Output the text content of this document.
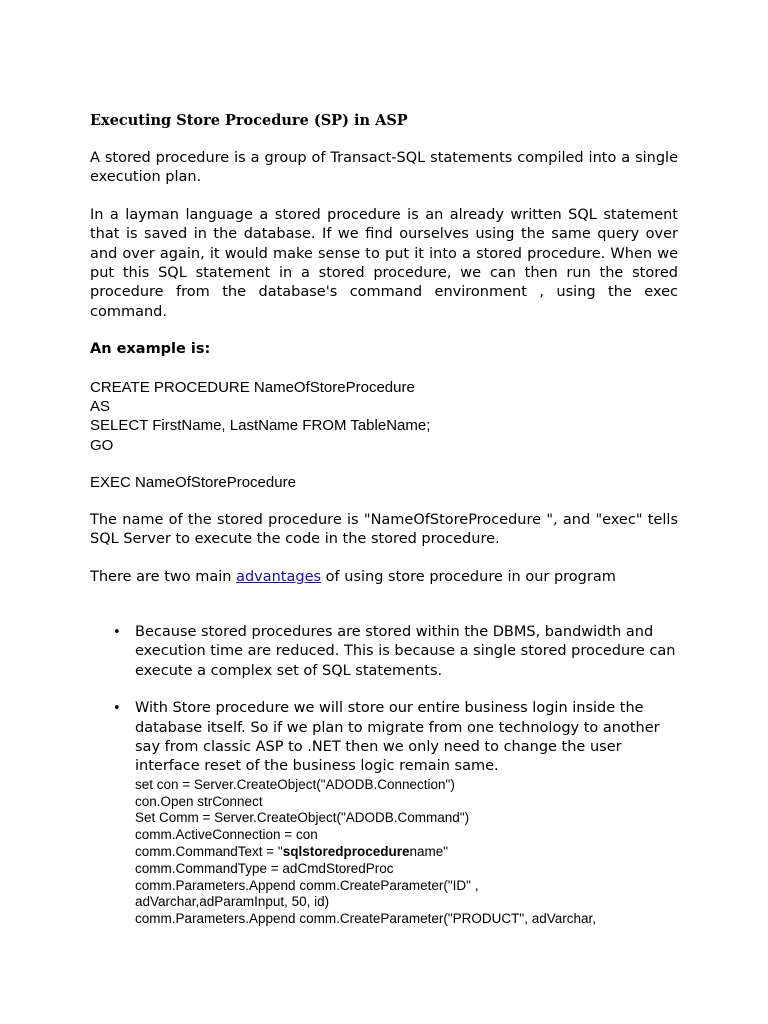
Executing Store Procedure (SP) in ASP
A stored procedure is a group of Transact-SQL statements compiled into a single execution plan.
In a layman language a stored procedure is an already written SQL statement that is saved in the database. If we find ourselves using the same query over and over again, it would make sense to put it into a stored procedure. When we put this SQL statement in a stored procedure, we can then run the stored procedure from the database's command environment , using the exec command.
An example is:
CREATE PROCEDURE NameOfStoreProcedure
AS
SELECT FirstName, LastName FROM TableName;
GO
EXEC NameOfStoreProcedure
The name of the stored procedure is "NameOfStoreProcedure ", and "exec" tells SQL Server to execute the code in the stored procedure.
There are two main advantages of using store procedure in our program
• Because stored procedures are stored within the DBMS, bandwidth and execution time are reduced. This is because a single stored procedure can execute a complex set of SQL statements.
• With Store procedure we will store our entire business login inside the database itself. So if we plan to migrate from one technology to another say from classic ASP to .NET then we only need to change the user interface reset of the business logic remain same.
set con = Server.CreateObject("ADODB.Connection")
con.Open strConnect
Set Comm = Server.CreateObject("ADODB.Command")
comm.ActiveConnection = con
comm.CommandText = "sqlstoredprocedurename"
comm.CommandType = adCmdStoredProc
comm.Parameters.Append comm.CreateParameter("ID" ,
adVarchar,adParamInput, 50, id)
comm.Parameters.Append comm.CreateParameter("PRODUCT", adVarchar,
